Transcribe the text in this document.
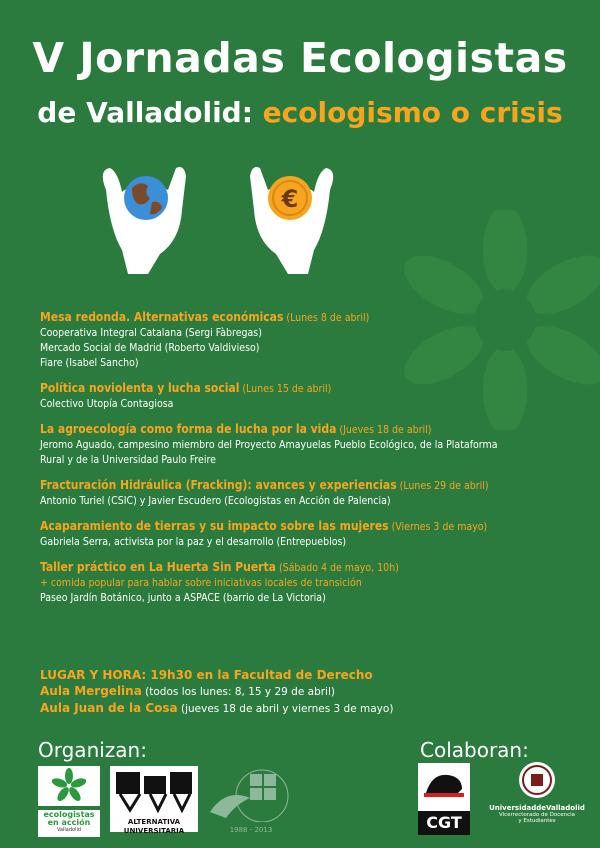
V Jornadas Ecologistas
de Valladolid: ecologismo o crisis
€
Mesa redonda. Alternativas económicas (Lunes 8 de abril)
Cooperativa Integral Catalana (Sergi Fàbregas)
Mercado Social de Madrid (Roberto Valdivieso)
Fiare (Isabel Sancho)
Política noviolenta y lucha social (Lunes 15 de abril)
Colectivo Utopía Contagiosa
La agroecología como forma de lucha por la vida (Jueves 18 de abril)
Jeromo Aguado, campesino miembro del Proyecto Amayuelas Pueblo Ecológico, de la Plataforma
Rural y de la Universidad Paulo Freire
Fracturación Hidráulica (Fracking): avances y experiencias (Lunes 29 de abril)
Antonio Turiel (CSIC) y Javier Escudero (Ecologistas en Acción de Palencia)
Acaparamiento de tierras y su impacto sobre las mujeres (Viernes 3 de mayo)
Gabriela Serra, activista por la paz y el desarrollo (Entrepueblos)
Taller práctico en La Huerta Sin Puerta (Sábado 4 de mayo, 10h)
+ comida popular para hablar sobre iniciativas locales de transición
Paseo Jardín Botánico, junto a ASPACE (barrio de La Victoria)
LUGAR Y HORA: 19h30 en la Facultad de Derecho
Aula Mergelina (todos los lunes: 8, 15 y 29 de abril)
Aula Juan de la Cosa (jueves 18 de abril y viernes 3 de mayo)
Organizan:	Colaboran:
ecologistas
en acción
Valladolid
ALTERNATIVA UNIVERSITARIA	1988 - 2013	CGT
UniversidaddeValladolid
Vicerrectorado de Docencia
y Estudiantes
